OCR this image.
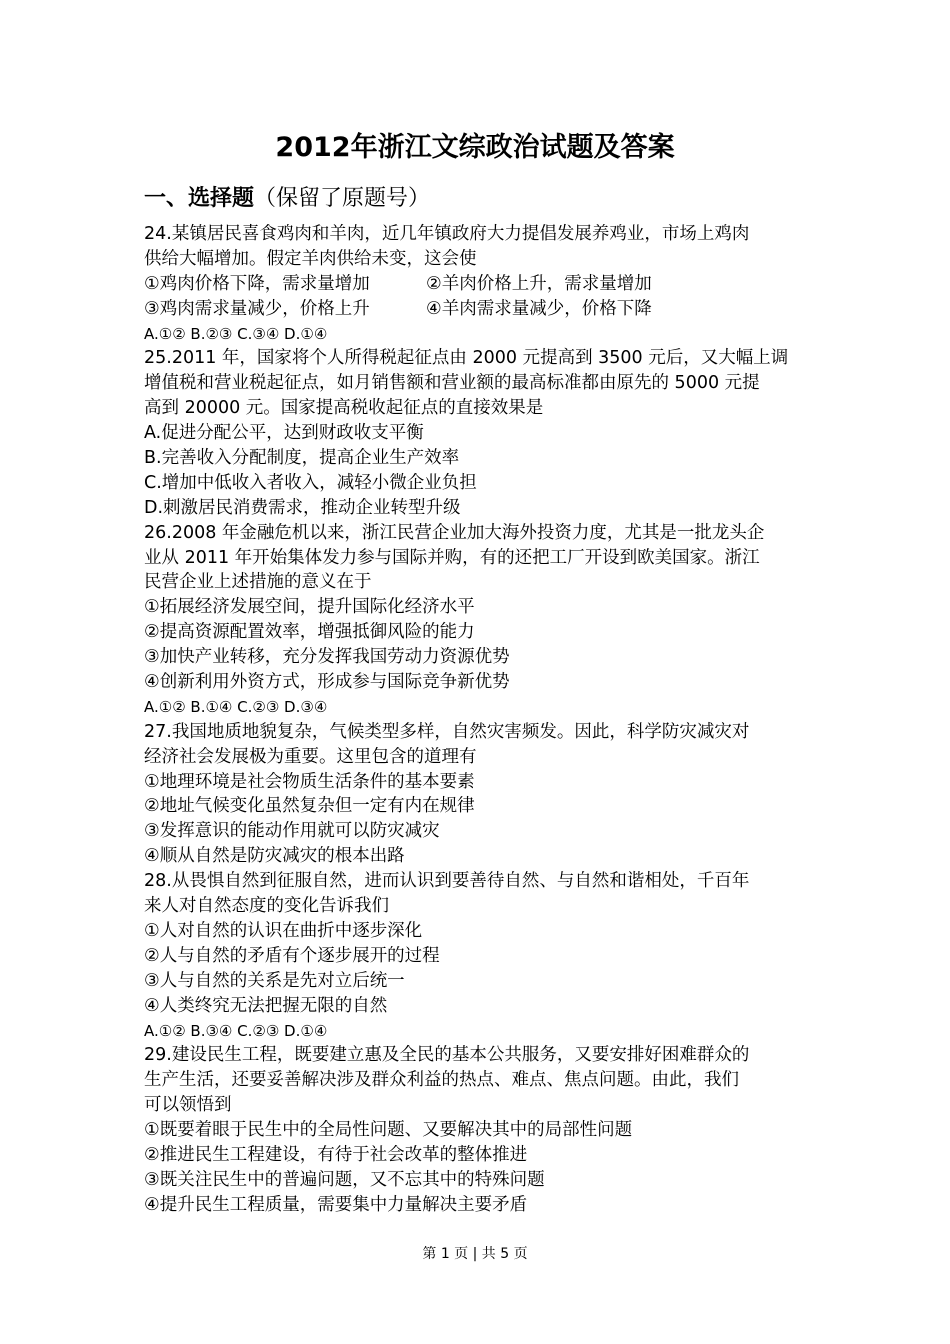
2012年浙江文综政治试题及答案
一、选择题（保留了原题号）
24.某镇居民喜食鸡肉和羊肉，近几年镇政府大力提倡发展养鸡业，市场上鸡肉
供给大幅增加。假定羊肉供给未变，这会使
①鸡肉价格下降，需求量增加	②羊肉价格上升，需求量增加
③鸡肉需求量减少，价格上升	④羊肉需求量减少，价格下降
A.①② B.②③ C.③④ D.①④
25.2011 年，国家将个人所得税起征点由 2000 元提高到 3500 元后，又大幅上调
增值税和营业税起征点，如月销售额和营业额的最高标准都由原先的 5000 元提
高到 20000 元。国家提高税收起征点的直接效果是
A.促进分配公平，达到财政收支平衡
B.完善收入分配制度，提高企业生产效率
C.增加中低收入者收入，减轻小微企业负担
D.刺激居民消费需求，推动企业转型升级
26.2008 年金融危机以来，浙江民营企业加大海外投资力度，尤其是一批龙头企
业从 2011 年开始集体发力参与国际并购，有的还把工厂开设到欧美国家。浙江
民营企业上述措施的意义在于
①拓展经济发展空间，提升国际化经济水平
②提高资源配置效率，增强抵御风险的能力
③加快产业转移，充分发挥我国劳动力资源优势
④创新利用外资方式，形成参与国际竞争新优势
A.①② B.①④ C.②③ D.③④
27.我国地质地貌复杂，气候类型多样，自然灾害频发。因此，科学防灾减灾对
经济社会发展极为重要。这里包含的道理有
①地理环境是社会物质生活条件的基本要素
②地址气候变化虽然复杂但一定有内在规律
③发挥意识的能动作用就可以防灾减灾
④顺从自然是防灾减灾的根本出路
28.从畏惧自然到征服自然，进而认识到要善待自然、与自然和谐相处，千百年
来人对自然态度的变化告诉我们
①人对自然的认识在曲折中逐步深化
②人与自然的矛盾有个逐步展开的过程
③人与自然的关系是先对立后统一
④人类终究无法把握无限的自然
A.①② B.③④ C.②③ D.①④
29.建设民生工程，既要建立惠及全民的基本公共服务，又要安排好困难群众的
生产生活，还要妥善解决涉及群众利益的热点、难点、焦点问题。由此，我们
可以领悟到
①既要着眼于民生中的全局性问题、又要解决其中的局部性问题
②推进民生工程建设，有待于社会改革的整体推进
③既关注民生中的普遍问题，又不忘其中的特殊问题
④提升民生工程质量，需要集中力量解决主要矛盾
第 1 页 | 共 5 页
